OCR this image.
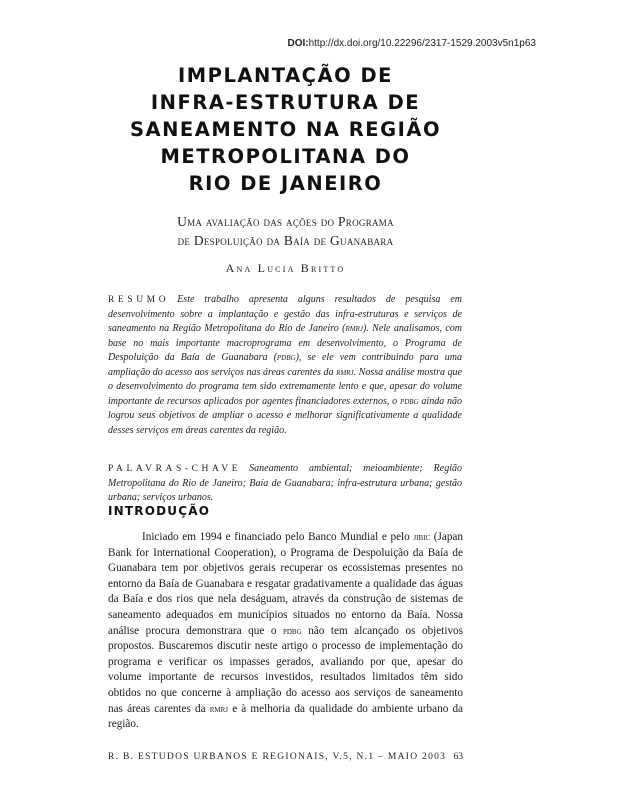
DOI:http://dx.doi.org/10.22296/2317-1529.2003v5n1p63
IMPLANTAÇÃO DE
INFRA-ESTRUTURA DE
SANEAMENTO NA REGIÃO
METROPOLITANA DO
RIO DE JANEIRO
Uma avaliação das ações do Programa
de Despoluição da Baía de Guanabara
Ana Lucia Britto
RESUMO Este trabalho apresenta alguns resultados de pesquisa em desenvolvimento sobre a implantação e gestão das infra-estruturas e serviços de saneamento na Região Metropolitana do Rio de Janeiro (rmrj). Nele analisamos, com base no mais importante macroprograma em desenvolvimento, o Programa de Despoluição da Baía de Guanabara (pdbg), se ele vem contribuindo para uma ampliação do acesso aos serviços nas áreas carentes da rmrj. Nossa análise mostra que o desenvolvimento do programa tem sido extremamente lento e que, apesar do volume importante de recursos aplicados por agentes financiadores externos, o pdbg ainda não logrou seus objetivos de ampliar o acesso e melhorar significativamente a qualidade desses serviços em áreas carentes da região.
PALAVRAS-CHAVE Saneamento ambiental; meioambiente; Região Metropolitana do Rio de Janeiro; Baía de Guanabara; infra-estrutura urbana; gestão urbana; serviços urbanos.
INTRODUÇÃO
Iniciado em 1994 e financiado pelo Banco Mundial e pelo jibic (Japan Bank for International Cooperation), o Programa de Despoluição da Baía de Guanabara tem por objetivos gerais recuperar os ecossistemas presentes no entorno da Baía de Guanabara e resgatar gradativamente a qualidade das águas da Baía e dos rios que nela deságuam, através da construção de sistemas de saneamento adequados em municípios situados no entorno da Baía. Nossa análise procura demonstrara que o pdbg não tem alcançado os objetivos propostos. Buscaremos discutir neste artigo o processo de implementação do programa e verificar os impasses gerados, avaliando por que, apesar do volume importante de recursos investidos, resultados limitados têm sido obtidos no que concerne à ampliação do acesso aos serviços de saneamento nas áreas carentes da rmrj e à melhoria da qualidade do ambiente urbano da região.
R. B. ESTUDOS URBANOS E REGIONAIS, V.5, N.1 – MAIO 2003 63
